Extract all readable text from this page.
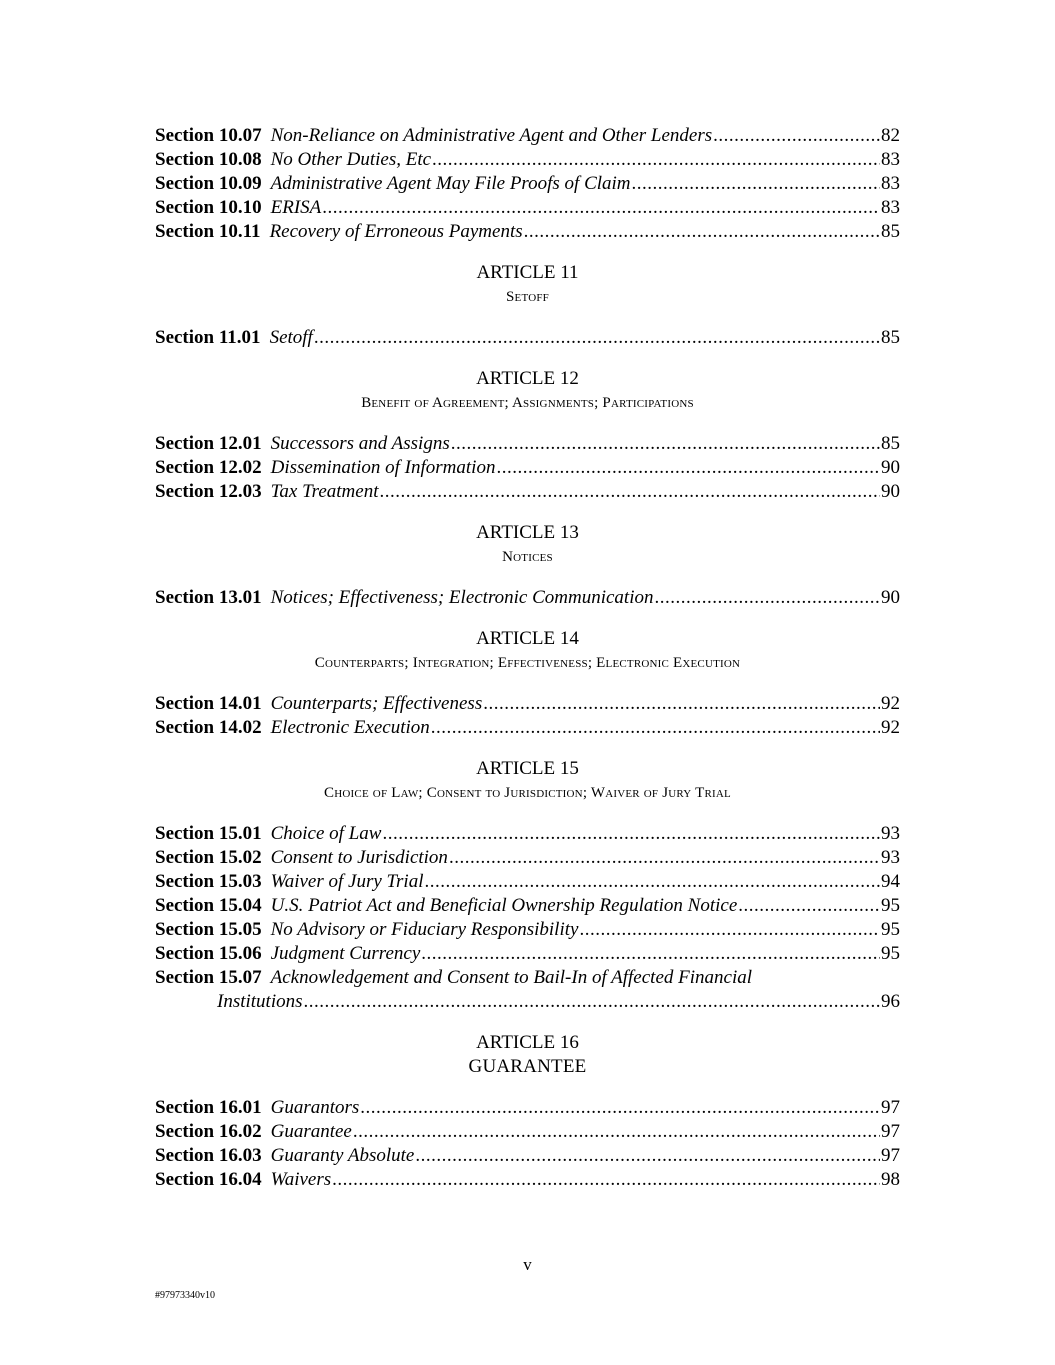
Section 10.07 Non-Reliance on Administrative Agent and Other Lenders .....	82
Section 10.08 No Other Duties, Etc .....	83
Section 10.09 Administrative Agent May File Proofs of Claim .....	83
Section 10.10 ERISA .....	83
Section 10.11 Recovery of Erroneous Payments .....	85
ARTICLE 11
Setoff
Section 11.01 Setoff .....	85
ARTICLE 12
Benefit of Agreement; Assignments; Participations
Section 12.01 Successors and Assigns .....	85
Section 12.02 Dissemination of Information .....	90
Section 12.03 Tax Treatment .....	90
ARTICLE 13
Notices
Section 13.01 Notices; Effectiveness; Electronic Communication .....	90
ARTICLE 14
Counterparts; Integration; Effectiveness; Electronic Execution
Section 14.01 Counterparts; Effectiveness .....	92
Section 14.02 Electronic Execution .....	92
ARTICLE 15
Choice of Law; Consent to Jurisdiction; Waiver of Jury Trial
Section 15.01 Choice of Law .....	93
Section 15.02 Consent to Jurisdiction .....	93
Section 15.03 Waiver of Jury Trial .....	94
Section 15.04 U.S. Patriot Act and Beneficial Ownership Regulation Notice .....	95
Section 15.05 No Advisory or Fiduciary Responsibility .....	95
Section 15.06 Judgment Currency .....	95
Section 15.07 Acknowledgement and Consent to Bail-In of Affected Financial
Institutions .....	96
ARTICLE 16
GUARANTEE
Section 16.01 Guarantors .....	97
Section 16.02 Guarantee .....	97
Section 16.03 Guaranty Absolute .....	97
Section 16.04 Waivers .....	98
v
#97973340v10
